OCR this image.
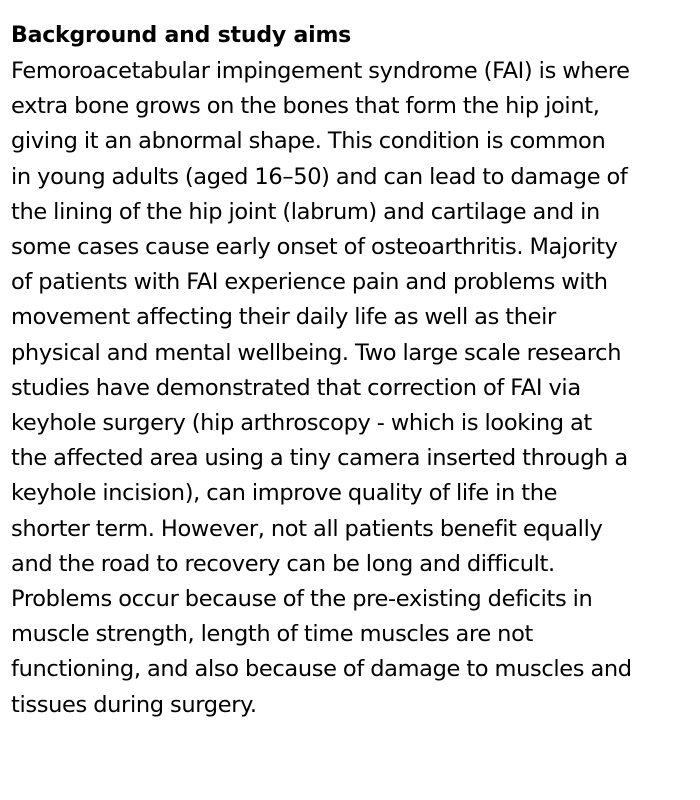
Background and study aims

Femoroacetabular impingement syndrome (FAI) is where
extra bone grows on the bones that form the hip joint,
giving it an abnormal shape. This condition is common
in young adults (aged 16–50) and can lead to damage of
the lining of the hip joint (labrum) and cartilage and in
some cases cause early onset of osteoarthritis. Majority
of patients with FAI experience pain and problems with
movement affecting their daily life as well as their
physical and mental wellbeing. Two large scale research
studies have demonstrated that correction of FAI via
keyhole surgery (hip arthroscopy - which is looking at
the affected area using a tiny camera inserted through a
keyhole incision), can improve quality of life in the
shorter term. However, not all patients benefit equally
and the road to recovery can be long and difficult.
Problems occur because of the pre-existing deficits in
muscle strength, length of time muscles are not
functioning, and also because of damage to muscles and
tissues during surgery.
